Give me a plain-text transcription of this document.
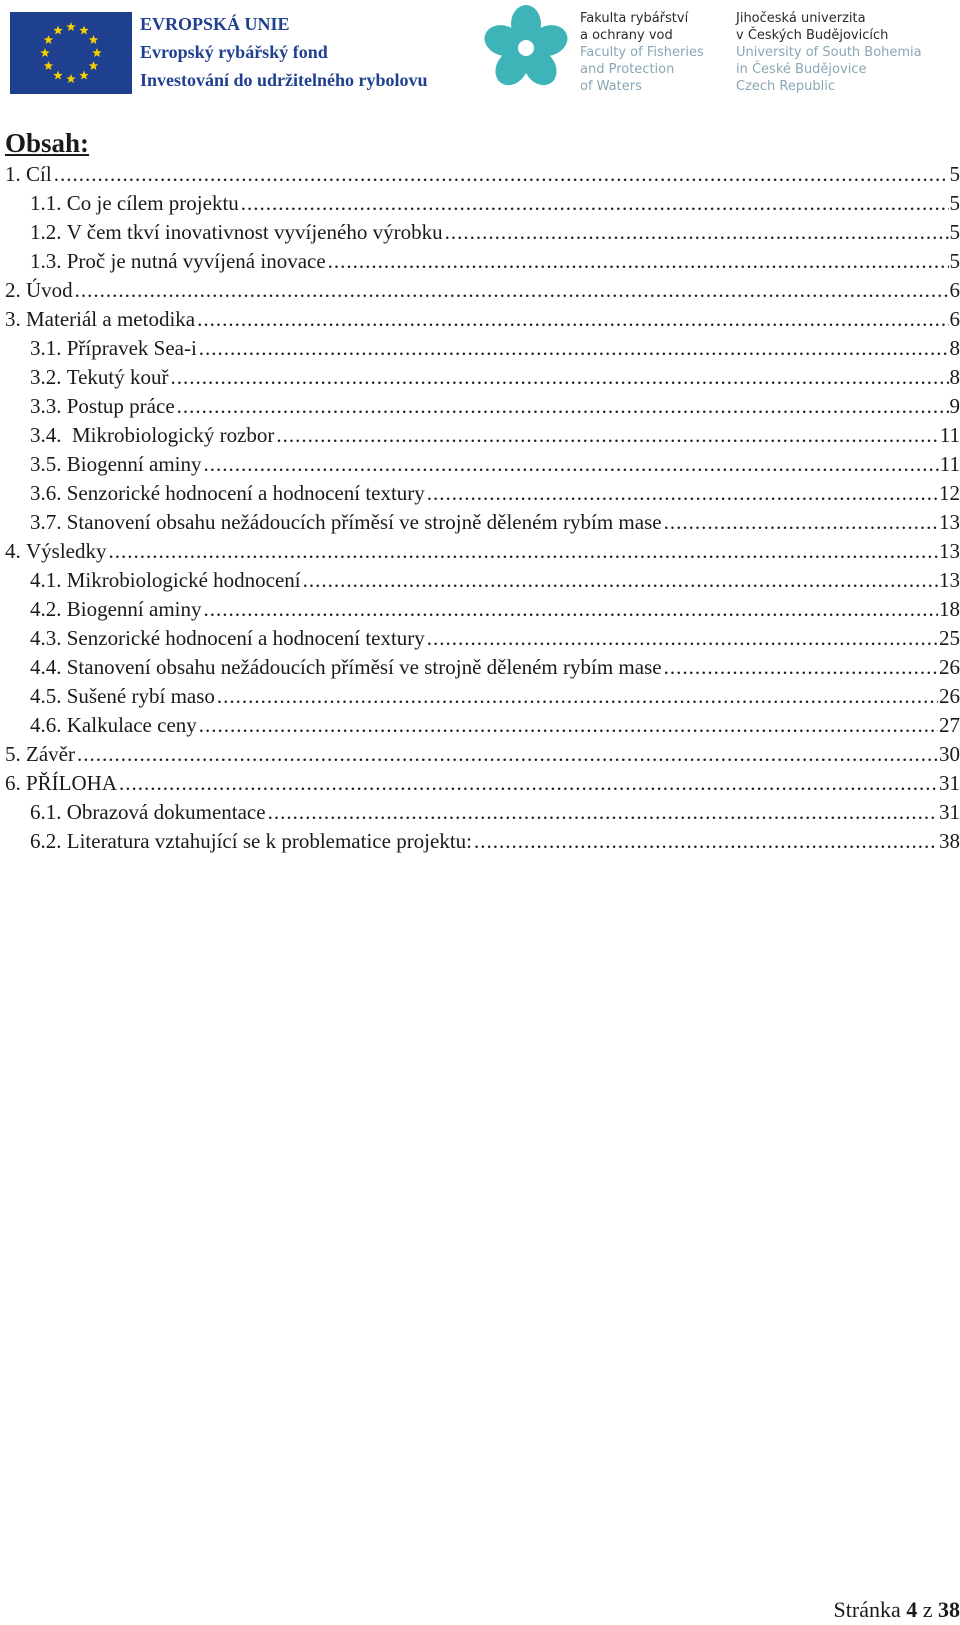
EVROPSKÁ UNIE
Evropský rybářský fond
Investování do udržitelného rybolovu
Fakulta rybářství
a ochrany vod
Faculty of Fisheries
and Protection
of Waters
Jihočeská univerzita
v Českých Budějovicích
University of South Bohemia
in České Budějovice
Czech Republic
Obsah:
1. Cíl .....	5
1.1. Co je cílem projektu .....	5
1.2. V čem tkví inovativnost vyvíjeného výrobku .....	5
1.3. Proč je nutná vyvíjená inovace .....	5
2. Úvod .....	6
3. Materiál a metodika .....	6
3.1. Přípravek Sea-i .....	8
3.2. Tekutý kouř .....	8
3.3. Postup práce .....	9
3.4. Mikrobiologický rozbor .....	11
3.5. Biogenní aminy .....	11
3.6. Senzorické hodnocení a hodnocení textury .....	12
3.7. Stanovení obsahu nežádoucích příměsí ve strojně děleném rybím mase .....	13
4. Výsledky .....	13
4.1. Mikrobiologické hodnocení .....	13
4.2. Biogenní aminy .....	18
4.3. Senzorické hodnocení a hodnocení textury .....	25
4.4. Stanovení obsahu nežádoucích příměsí ve strojně děleném rybím mase .....	26
4.5. Sušené rybí maso .....	26
4.6. Kalkulace ceny .....	27
5. Závěr .....	30
6. PŘÍLOHA .....	31
6.1. Obrazová dokumentace .....	31
6.2. Literatura vztahující se k problematice projektu: .....	38
Stránka 4 z 38
